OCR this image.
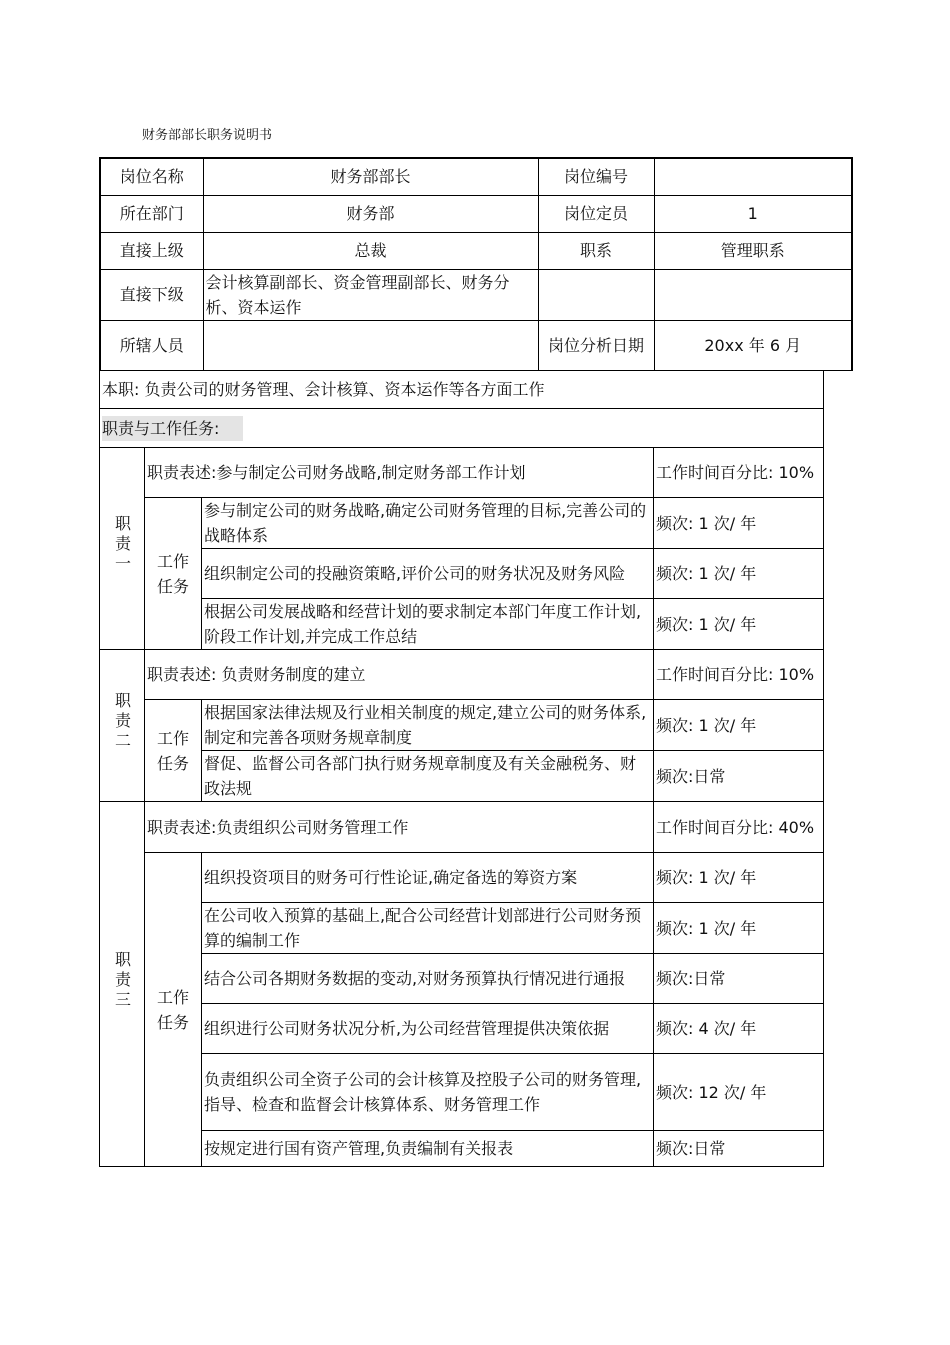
财务部部长职务说明书
岗位名称	财务部部长	岗位编号	
所在部门	财务部	岗位定员	1
直接上级	总裁	职系	管理职系
直接下级	会计核算副部长、资金管理副部长、财务分析、资本运作		
所辖人员		岗位分析日期	20xx 年 6 月
本职: 负责公司的财务管理、会计核算、资本运作等各方面工作			
职责与工作任务:			
职责一	职责表述:参与制定公司财务战略,制定财务部工作计划		工作时间百分比: 10%

	工作任务	参与制定公司的财务战略,确定公司财务管理的目标,完善公司的战略体系	频次: 1 次/ 年
		组织制定公司的投融资策略,评价公司的财务状况及财务风险	频次: 1 次/ 年
		根据公司发展战略和经营计划的要求制定本部门年度工作计划,阶段工作计划,并完成工作总结	频次: 1 次/ 年
职责二	职责表述: 负责财务制度的建立		工作时间百分比: 10%

	工作任务	根据国家法律法规及行业相关制度的规定,建立公司的财务体系,制定和完善各项财务规章制度	频次: 1 次/ 年
		督促、监督公司各部门执行财务规章制度及有关金融税务、财政法规	频次:日常
职责三	职责表述:负责组织公司财务管理工作		工作时间百分比: 40%

	工作任务	组织投资项目的财务可行性论证,确定备选的筹资方案	频次: 1 次/ 年
		在公司收入预算的基础上,配合公司经营计划部进行公司财务预算的编制工作	频次: 1 次/ 年
		结合公司各期财务数据的变动,对财务预算执行情况进行通报	频次:日常
		组织进行公司财务状况分析,为公司经营管理提供决策依据	频次: 4 次/ 年
		负责组织公司全资子公司的会计核算及控股子公司的财务管理,指导、检查和监督会计核算体系、财务管理工作	频次: 12 次/ 年
		按规定进行国有资产管理,负责编制有关报表	频次:日常
